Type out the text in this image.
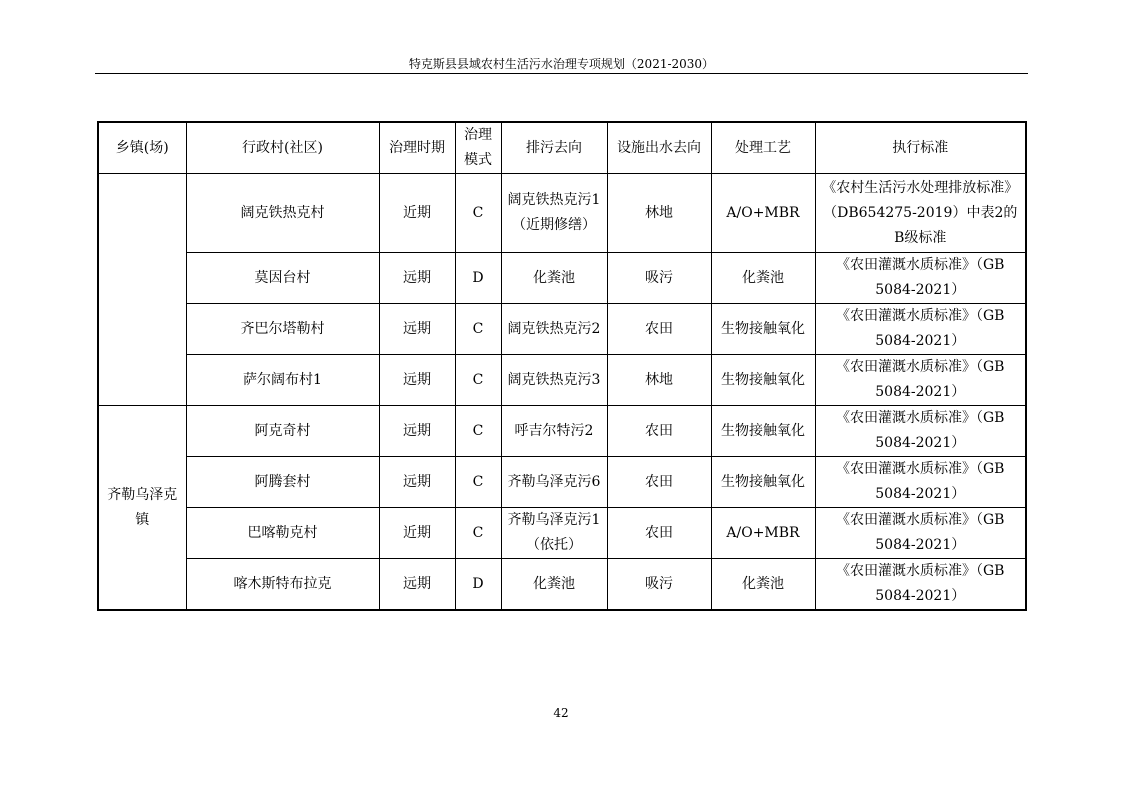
特克斯县县域农村生活污水治理专项规划（2021-2030）
乡镇(场)	行政村(社区)	治理时期	治理模式	排污去向	设施出水去向	处理工艺	执行标准
	阔克铁热克村	近期	C	阔克铁热克污1（近期修缮）	林地	A/O+MBR	《农村生活污水处理排放标准》（DB654275-2019）中表2的B级标准
	莫因台村	远期	D	化粪池	吸污	化粪池	《农田灌溉水质标准》（GB 5084-2021）
	齐巴尔塔勒村	远期	C	阔克铁热克污2	农田	生物接触氧化	《农田灌溉水质标准》（GB 5084-2021）
	萨尔阔布村1	远期	C	阔克铁热克污3	林地	生物接触氧化	《农田灌溉水质标准》（GB 5084-2021）
齐勒乌泽克镇	阿克奇村	远期	C	呼吉尔特污2	农田	生物接触氧化	《农田灌溉水质标准》（GB 5084-2021）
	阿腾套村	远期	C	齐勒乌泽克污6	农田	生物接触氧化	《农田灌溉水质标准》（GB 5084-2021）
	巴喀勒克村	近期	C	齐勒乌泽克污1（依托）	农田	A/O+MBR	《农田灌溉水质标准》（GB 5084-2021）
	喀木斯特布拉克	远期	D	化粪池	吸污	化粪池	《农田灌溉水质标准》（GB 5084-2021）
42
